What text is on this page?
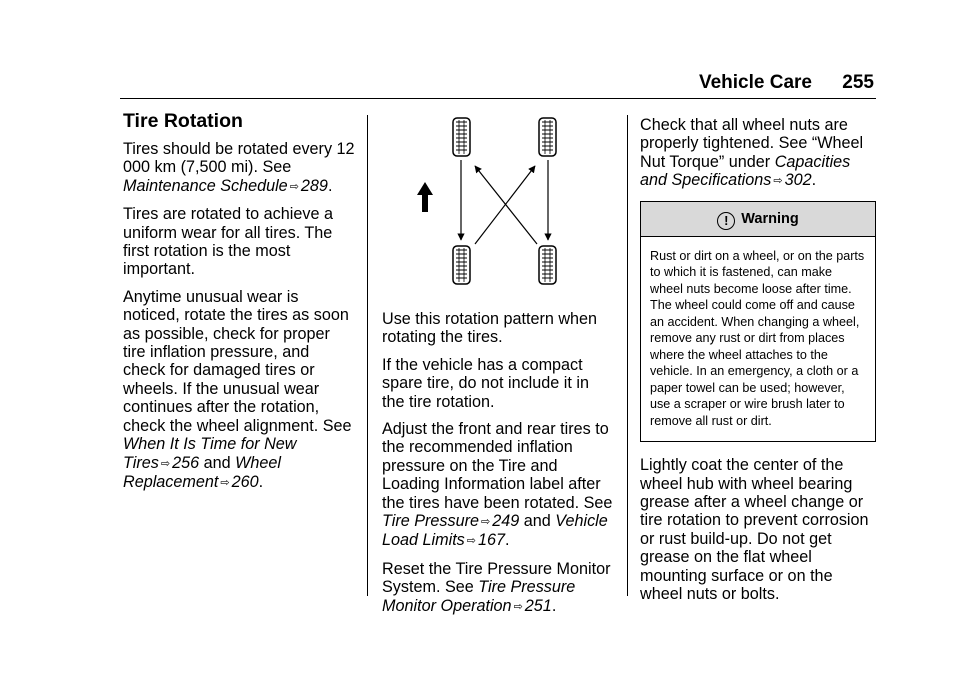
Vehicle Care 255
Tire Rotation

Tires should be rotated every 12 000 km (7,500 mi). See Maintenance Schedule ⇨ 289.

Tires are rotated to achieve a uniform wear for all tires. The first rotation is the most important.

Anytime unusual wear is noticed, rotate the tires as soon as possible, check for proper tire inflation pressure, and check for damaged tires or wheels. If the unusual wear continues after the rotation, check the wheel alignment. See When It Is Time for New Tires ⇨ 256 and Wheel Replacement ⇨ 260.

Use this rotation pattern when rotating the tires.

If the vehicle has a compact spare tire, do not include it in the tire rotation.

Adjust the front and rear tires to the recommended inflation pressure on the Tire and Loading Information label after the tires have been rotated. See Tire Pressure ⇨ 249 and Vehicle Load Limits ⇨ 167.

Reset the Tire Pressure Monitor System. See Tire Pressure Monitor Operation ⇨ 251.

Check that all wheel nuts are properly tightened. See “Wheel Nut Torque” under Capacities and Specifications ⇨ 302.

! Warning
Rust or dirt on a wheel, or on the parts to which it is fastened, can make wheel nuts become loose after time. The wheel could come off and cause an accident. When changing a wheel, remove any rust or dirt from places where the wheel attaches to the vehicle. In an emergency, a cloth or a paper towel can be used; however, use a scraper or wire brush later to remove all rust or dirt.

Lightly coat the center of the wheel hub with wheel bearing grease after a wheel change or tire rotation to prevent corrosion or rust build-up. Do not get grease on the flat wheel mounting surface or on the wheel nuts or bolts.
